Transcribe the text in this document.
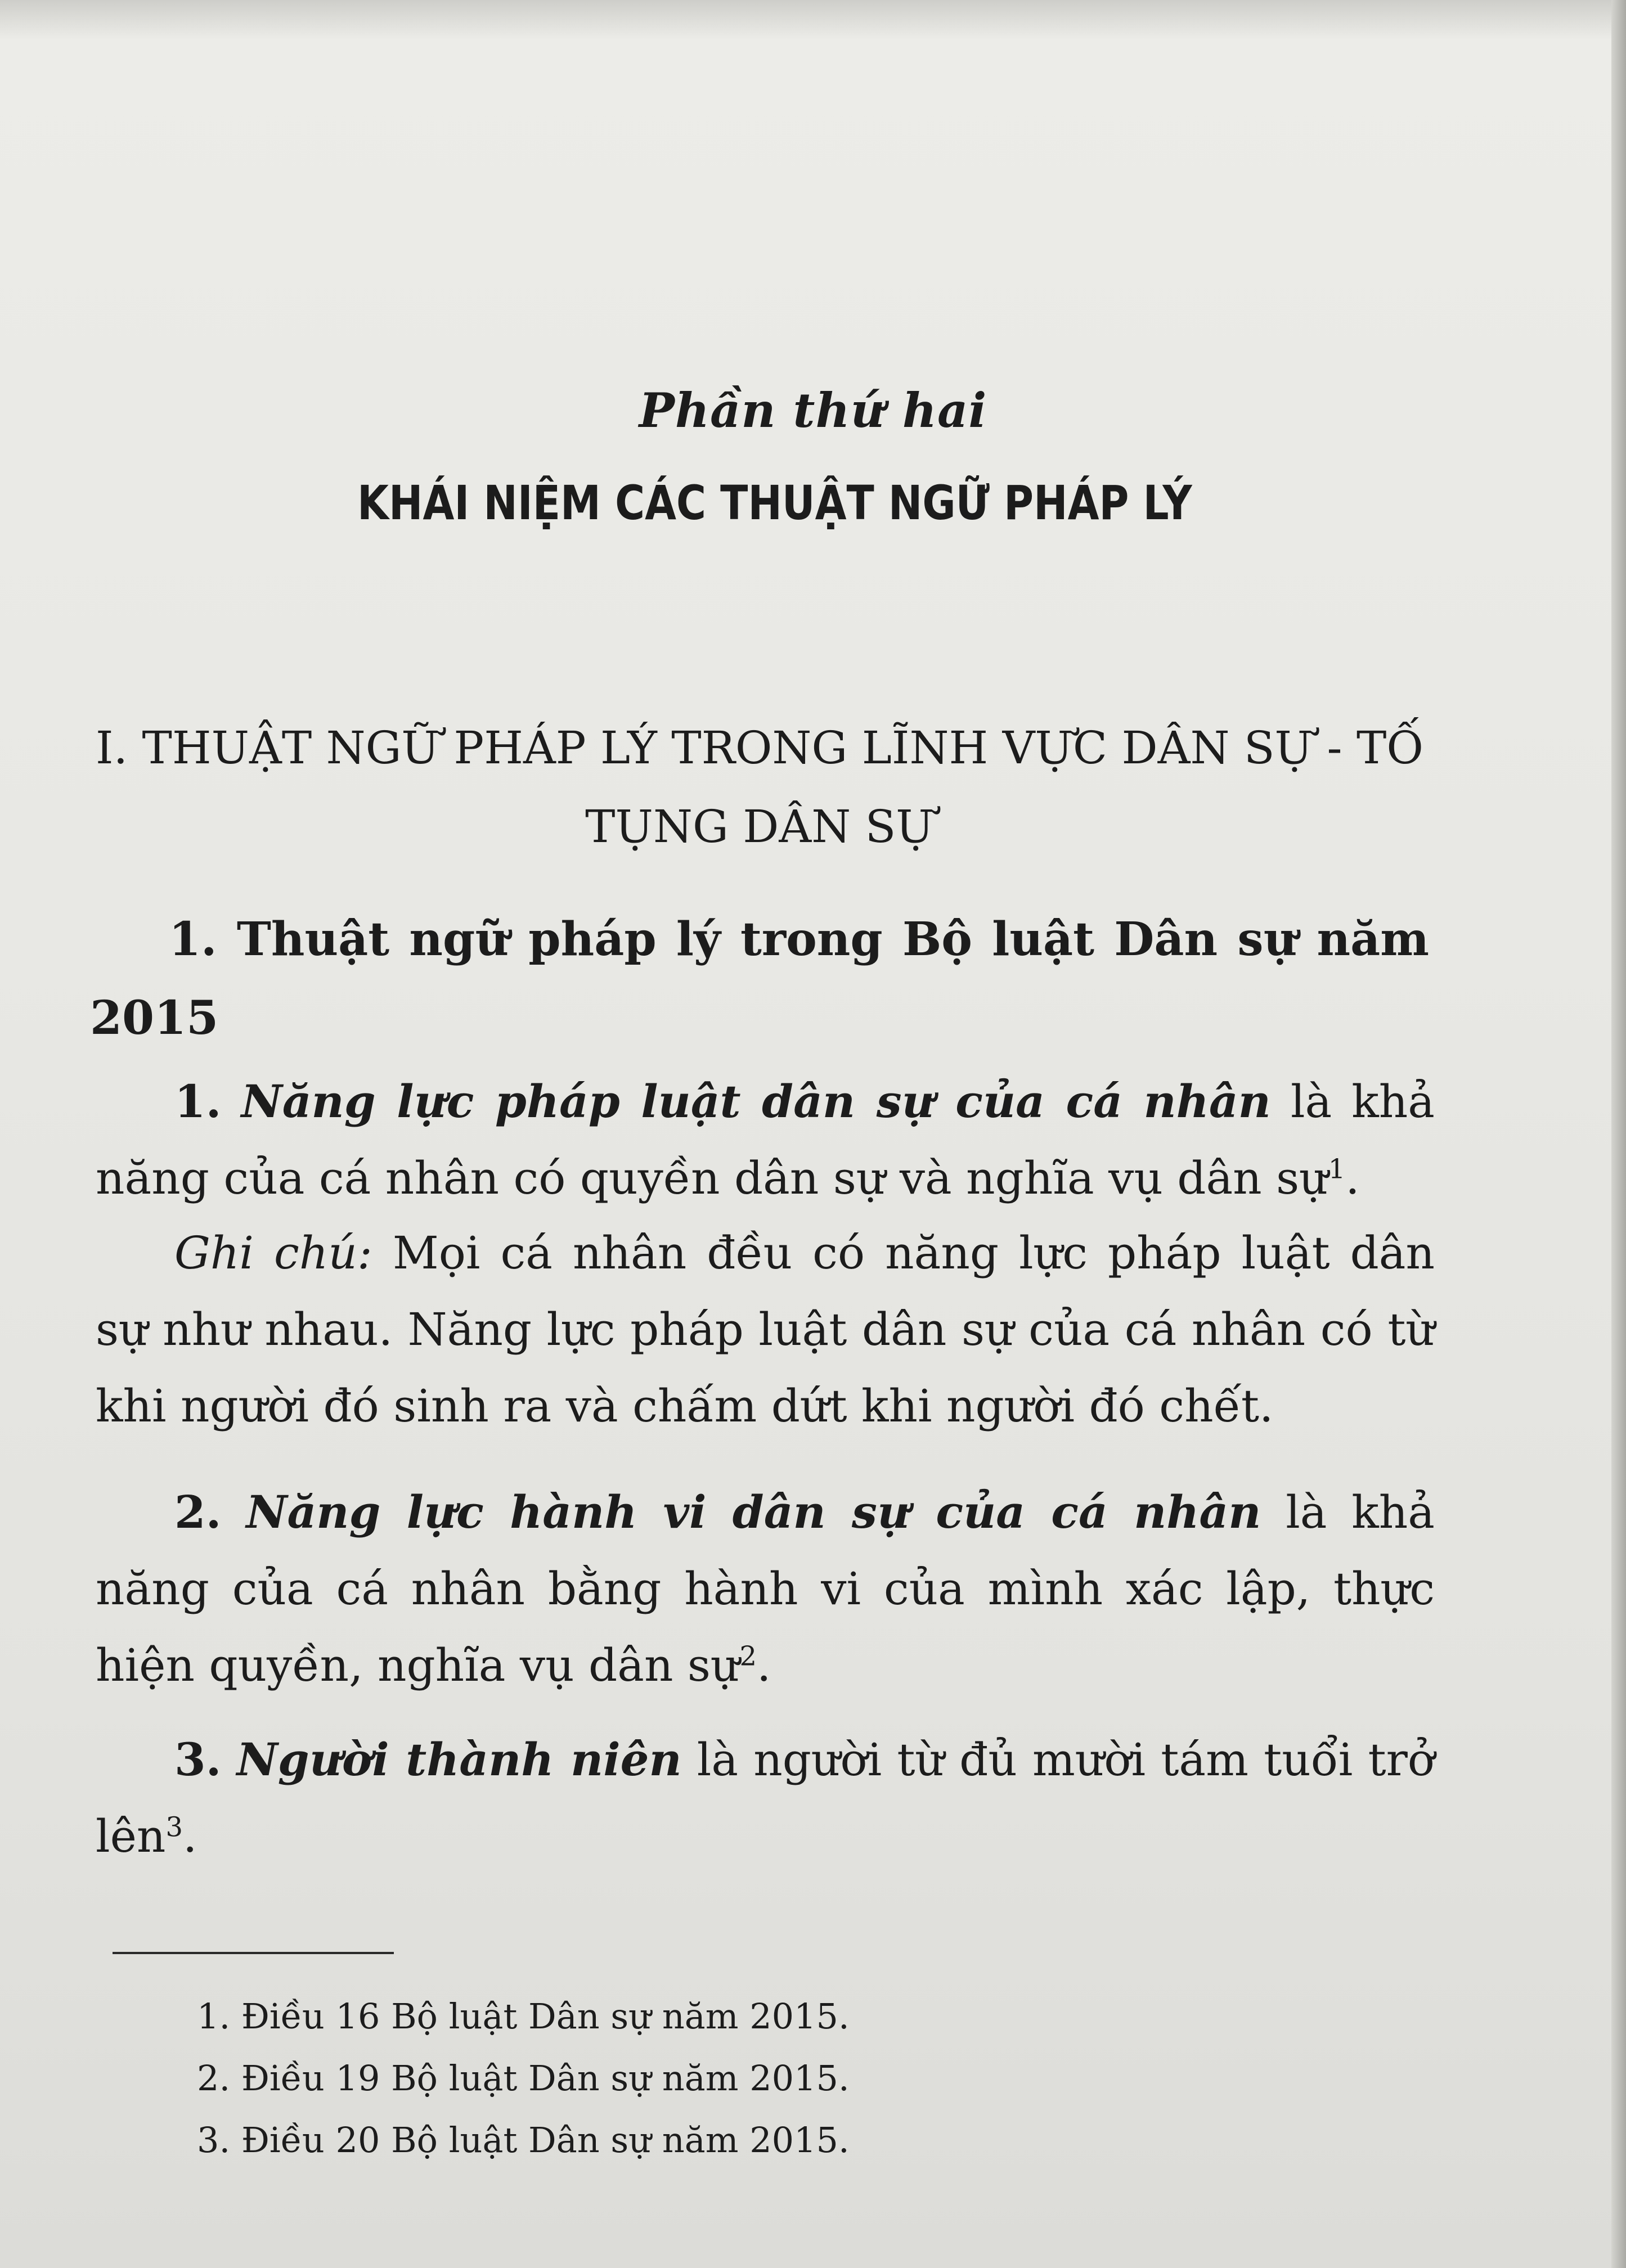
Phần thứ hai
KHÁI NIỆM CÁC THUẬT NGỮ PHÁP LÝ
I. THUẬT NGỮ PHÁP LÝ TRONG LĨNH VỰC DÂN SỰ - TỐ TỤNG DÂN SỰ
1. Thuật ngữ pháp lý trong Bộ luật Dân sự năm 2015
1. Năng lực pháp luật dân sự của cá nhân là khả năng của cá nhân có quyền dân sự và nghĩa vụ dân sự$^1$.
Ghi chú: Mọi cá nhân đều có năng lực pháp luật dân sự như nhau. Năng lực pháp luật dân sự của cá nhân có từ khi người đó sinh ra và chấm dứt khi người đó chết.
2. Năng lực hành vi dân sự của cá nhân là khả năng của cá nhân bằng hành vi của mình xác lập, thực hiện quyền, nghĩa vụ dân sự$^2$.
3. Người thành niên là người từ đủ mười tám tuổi trở lên$^3$.
1. Điều 16 Bộ luật Dân sự năm 2015.
2. Điều 19 Bộ luật Dân sự năm 2015.
3. Điều 20 Bộ luật Dân sự năm 2015.
